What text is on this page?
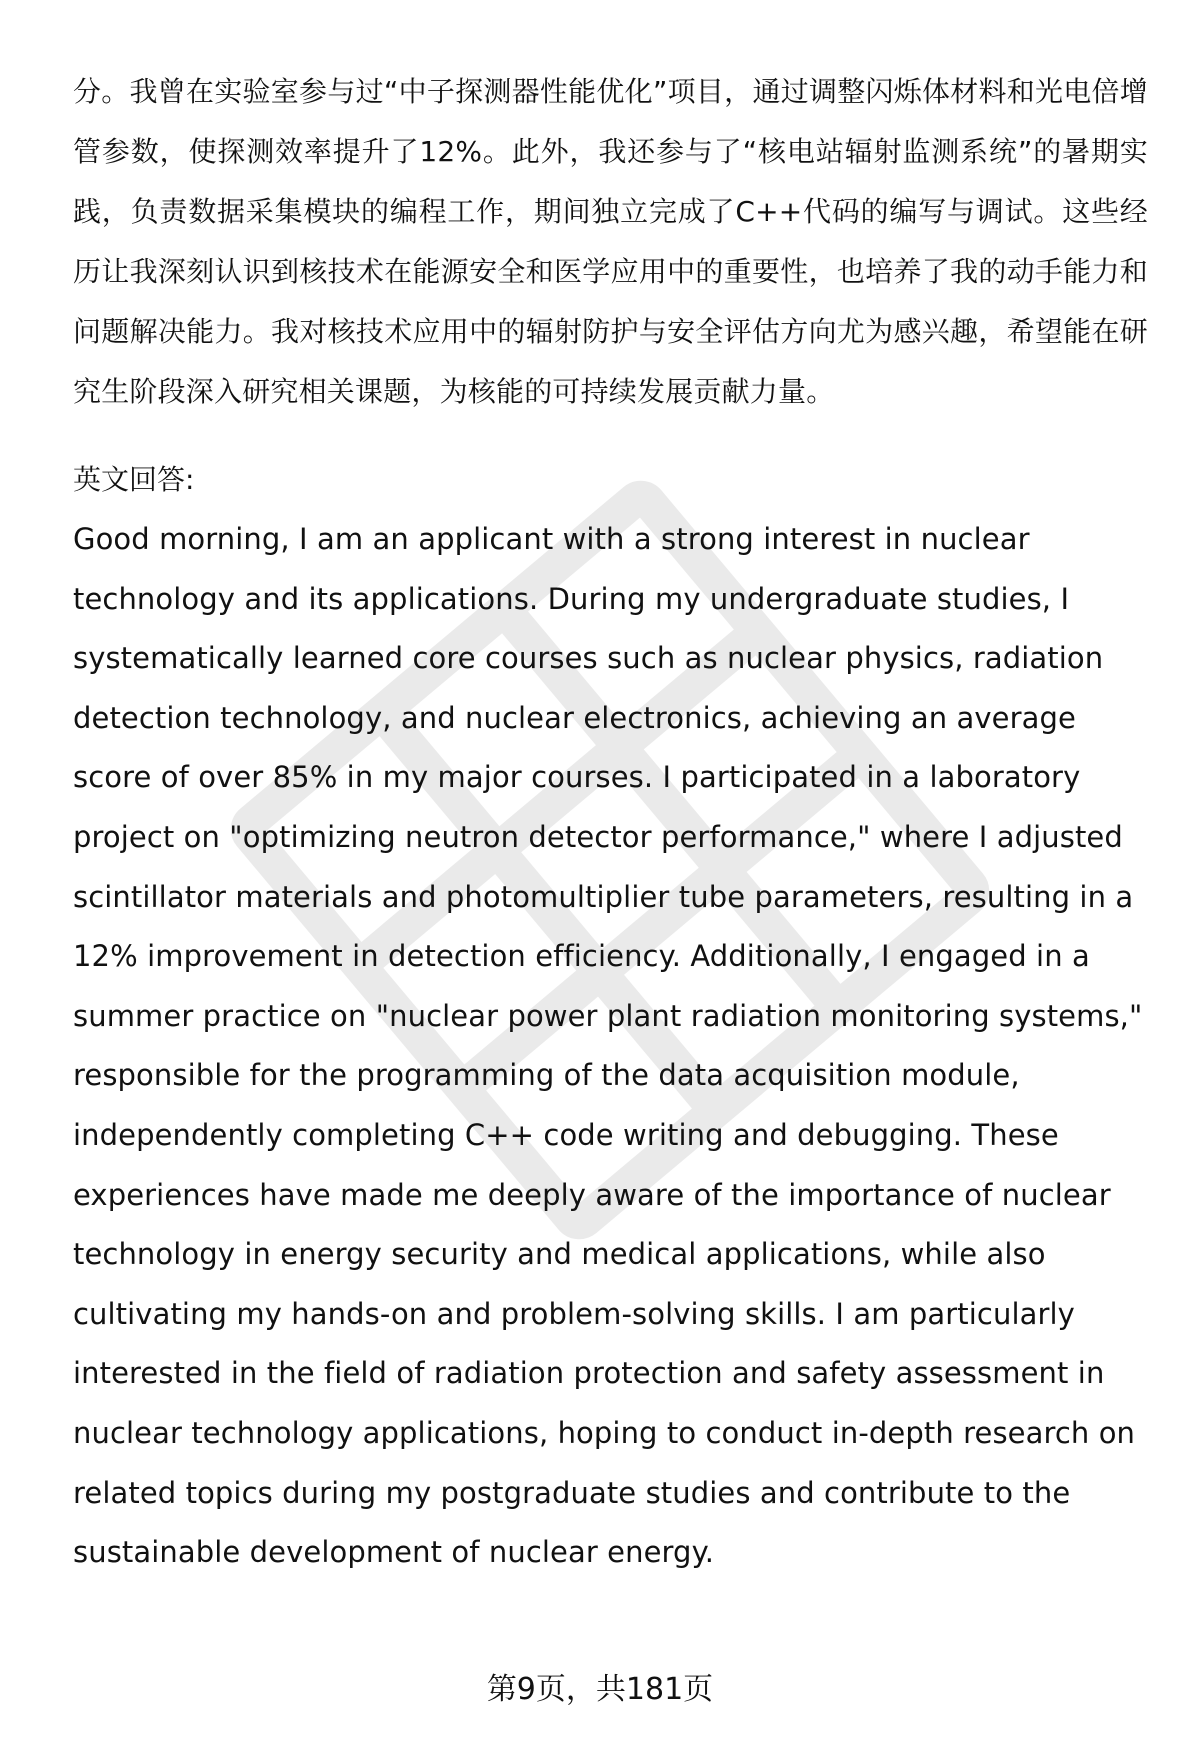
分。我曾在实验室参与过“中子探测器性能优化”项目，通过调整闪烁体材料和光电倍增管参数，使探测效率提升了12%。此外，我还参与了“核电站辐射监测系统”的暑期实践，负责数据采集模块的编程工作，期间独立完成了C++代码的编写与调试。这些经历让我深刻认识到核技术在能源安全和医学应用中的重要性，也培养了我的动手能力和问题解决能力。我对核技术应用中的辐射防护与安全评估方向尤为感兴趣，希望能在研究生阶段深入研究相关课题，为核能的可持续发展贡献力量。

英文回答:

Good morning, I am an applicant with a strong interest in nuclear technology and its applications. During my undergraduate studies, I systematically learned core courses such as nuclear physics, radiation detection technology, and nuclear electronics, achieving an average score of over 85% in my major courses. I participated in a laboratory project on "optimizing neutron detector performance," where I adjusted scintillator materials and photomultiplier tube parameters, resulting in a 12% improvement in detection efficiency. Additionally, I engaged in a summer practice on "nuclear power plant radiation monitoring systems," responsible for the programming of the data acquisition module, independently completing C++ code writing and debugging. These experiences have made me deeply aware of the importance of nuclear technology in energy security and medical applications, while also cultivating my hands-on and problem-solving skills. I am particularly interested in the field of radiation protection and safety assessment in nuclear technology applications, hoping to conduct in-depth research on related topics during my postgraduate studies and contribute to the sustainable development of nuclear energy.

第9页，共181页
